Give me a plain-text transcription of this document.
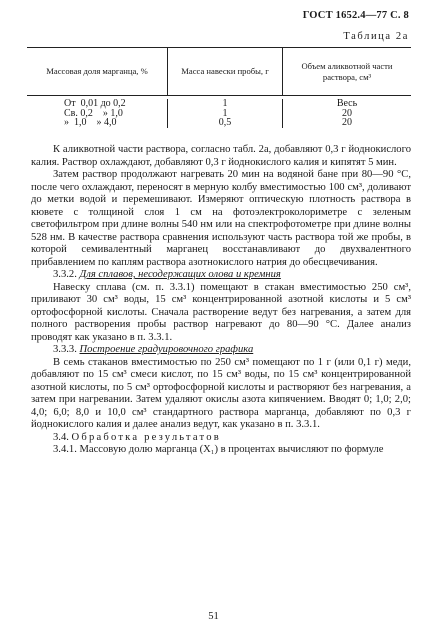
ГОСТ 1652.4—77 С. 8
Таблица 2а
Массовая доля марганца, %	Масса навески пробы, г
Объем аликвотной части раствора, см³
От  0,01 до 0,2
Св. 0,2    » 1,0
»  1,0    » 4,0
1
1
0,5
Весь
20
20

К аликвотной части раствора, согласно табл. 2а, добавляют 0,3 г йоднокислого калия. Раствор охлаждают, добавляют 0,3 г йоднокислого калия и кипятят 5 мин.

Затем раствор продолжают нагревать 20 мин на водяной бане при 80—90 °С, после чего охлаждают, переносят в мерную колбу вместимостью 100 см³, доливают до метки водой и перемешивают. Измеряют оптическую плотность раствора в кювете с толщиной слоя 1 см на фотоэлектроколориметре с зеленым светофильтром при длине волны 540 нм или на спектрофотометре при длине волны 528 нм. В качестве раствора сравнения используют часть раствора той же пробы, в которой семивалентный марганец восстанавливают до двухвалентного прибавлением по каплям раствора азотнокислого натрия до обесцвечивания.

3.3.2. Для сплавов, несодержащих олова и кремния

Навеску сплава (см. п. 3.3.1) помещают в стакан вместимостью 250 см³, приливают 30 см³ воды, 15 см³ концентрированной азотной кислоты и 5 см³ ортофосфорной кислоты. Сначала растворение ведут без нагревания, а затем для полного растворения пробы раствор нагревают до 80—90 °С. Далее анализ проводят как указано в п. 3.3.1.

3.3.3. Построение градуировочного графика

В семь стаканов вместимостью по 250 см³ помещают по 1 г (или 0,1 г) меди, добавляют по 15 см³ смеси кислот, по 15 см³ воды, по 15 см³ концентрированной азотной кислоты, по 5 см³ ортофосфорной кислоты и растворяют без нагревания, а затем при нагревании. Затем удаляют окислы азота кипячением. Вводят 0; 1,0; 2,0; 4,0; 6,0; 8,0 и 10,0 см³ стандартного раствора марганца, добавляют по 0,3 г йоднокислого калия и далее анализ ведут, как указано в п. 3.3.1.

3.4. Обработка результатов

3.4.1. Массовую долю марганца (X₁) в процентах вычисляют по формуле

51
